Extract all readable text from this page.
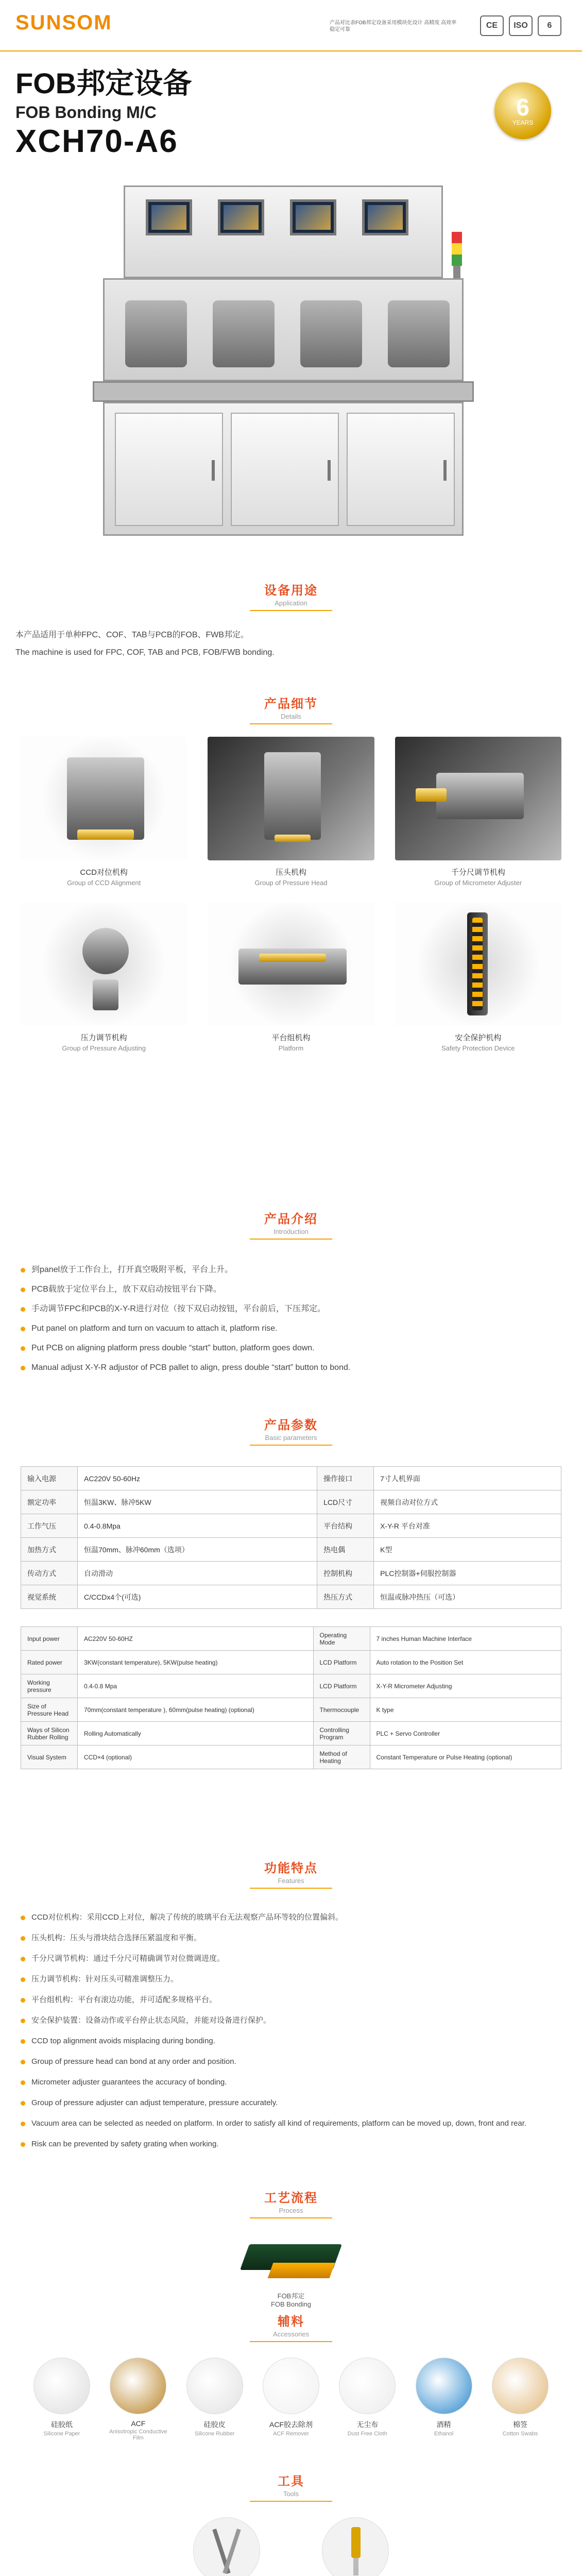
SUNSOM	产品对比表FOB邦定设备采用模块化设计 高精度 高效率 稳定可靠	CE	ISO	6
FOB邦定设备
FOB Bonding M/C
XCH70-A6
6
YEARS
设备用途
Application
本产品适用于单种FPC、COF、TAB与PCB的FOB、FWB邦定。
The machine is used for FPC, COF, TAB and PCB, FOB/FWB bonding.
产品细节
Details
CCD对位机构
Group of CCD Alignment
压头机构
Group of Pressure Head
千分尺调节机构
Group of Micrometer Adjuster
压力调节机构
Group of Pressure Adjusting
平台组机构
Platform
安全保护机构
Safety Protection Device
产品介绍
Introduction
到panel放于工作台上，打开真空吸附平板，平台上升。
PCB载放于定位平台上，放下双启动按钮平台下降。
手动调节FPC和PCB的X-Y-R进行对位（按下双启动按钮，平台前后，下压邦定。
Put panel on platform and turn on vacuum to attach it, platform rise.
Put PCB on aligning platform press double “start” button, platform goes down.
Manual adjust X-Y-R adjustor of PCB pallet to align, press double “start” button to bond.
产品参数
Basic parameters
输入电源	AC220V 50-60Hz	操作接口	7寸人机界面
额定功率	恒温3KW、脉冲5KW	LCD尺寸	视频自动对位方式
工作气压	0.4-0.8Mpa	平台结构	X-Y-R 平台对准
加热方式	恒温70mm、脉冲60mm（选项）	热电偶	K型
传动方式	自动滑动	控制机构	PLC控制器+伺服控制器
视觉系统	C/CCDx4个(可选)	热压方式	恒温或脉冲热压（可选）
Input power	AC220V 50-60HZ	Operating Mode	7 inches Human Machine Interface
Rated power	3KW(constant temperature), 5KW(pulse heating)	LCD Platform	Auto rotation to the Position Set
Working pressure	0.4-0.8 Mpa	LCD Platform	X-Y-R Micrometer Adjusting
Size of Pressure Head	70mm(constant temperature ), 60mm(pulse heating) (optional)	Thermocouple	K type
Ways of Silicon Rubber Rolling	Rolling Automatically	Controlling Program	PLC + Servo Controller
Visual System	CCD×4 (optional)	Method of Heating	Constant Temperature or Pulse Heating (optional)
功能特点
Features
CCD对位机构：采用CCD上对位，解决了传统的玻璃平台无法观察产品环等较的位置偏斜。
压头机构：压头与滑块结合选择压紧温度和平衡。
千分尺调节机构：通过千分尺可精确调节对位微调进度。
压力调节机构：针对压头可精准调整压力。
平台组机构：平台有滚边功能，并可适配多规格平台。
安全保护装置：设备动作或平台停止状态风险，并能对设备进行保护。
CCD top alignment avoids misplacing during bonding.
Group of pressure head can bond at any order and position.
Micrometer adjuster guarantees the accuracy of bonding.
Group of pressure adjuster can adjust temperature, pressure accurately.
Vacuum area can be selected as needed on platform. In order to satisfy all kind of requirements, platform can be moved up, down, front and rear.
Risk can be prevented by safety grating when working.
工艺流程
Process
FOB邦定
FOB Bonding
辅料
Accessories
硅胶纸
Silicone Paper
ACF
Anisotropic Conductive Film
硅胶皮
Silicone Rubber
ACF胶去除剂
ACF Remover
无尘布
Dust Free Cloth
酒精
Ethanol
棉签
Cotton Swabs
工具
Tools
